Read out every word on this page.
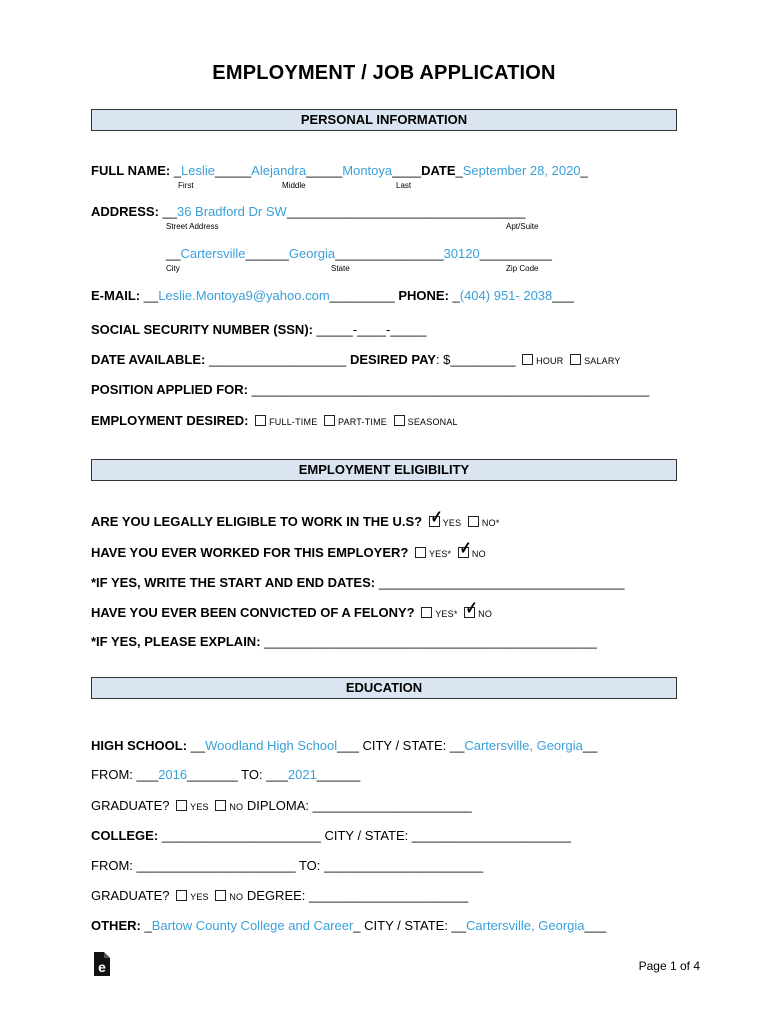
EMPLOYMENT / JOB APPLICATION
PERSONAL INFORMATION
FULL NAME: _Leslie_____Alejandra_____Montoya____DATE_September 28, 2020_
First	Middle	Last
ADDRESS: __36 Bradford Dr SW_________________________________
Street Address	Apt/Suite
__Cartersville______Georgia_______________30120__________
City	State	Zip Code
E-MAIL: __Leslie.Montoya9@yahoo.com_________ PHONE: _(404) 951- 2038___
SOCIAL SECURITY NUMBER (SSN): _____-____-_____
DATE AVAILABLE: ___________________ DESIRED PAY: $_________ HOUR SALARY
POSITION APPLIED FOR: _______________________________________________________
EMPLOYMENT DESIRED: FULL-TIME PART-TIME SEASONAL
EMPLOYMENT ELIGIBILITY
ARE YOU LEGALLY ELIGIBLE TO WORK IN THE U.S? ✓ YES NO*
HAVE YOU EVER WORKED FOR THIS EMPLOYER? YES* ✓ NO
*IF YES, WRITE THE START AND END DATES: __________________________________
HAVE YOU EVER BEEN CONVICTED OF A FELONY? YES* ✓ NO
*IF YES, PLEASE EXPLAIN: ______________________________________________
EDUCATION
HIGH SCHOOL: __Woodland High School___ CITY / STATE: __Cartersville, Georgia__
FROM: ___2016_______ TO: ___2021______
GRADUATE? YES NO DIPLOMA: ______________________
COLLEGE: ______________________ CITY / STATE: ______________________
FROM: ______________________ TO: ______________________
GRADUATE? YES NO DEGREE: ______________________
OTHER: _Bartow County College and Career_ CITY / STATE: __Cartersville, Georgia___
e	Page 1 of 4
